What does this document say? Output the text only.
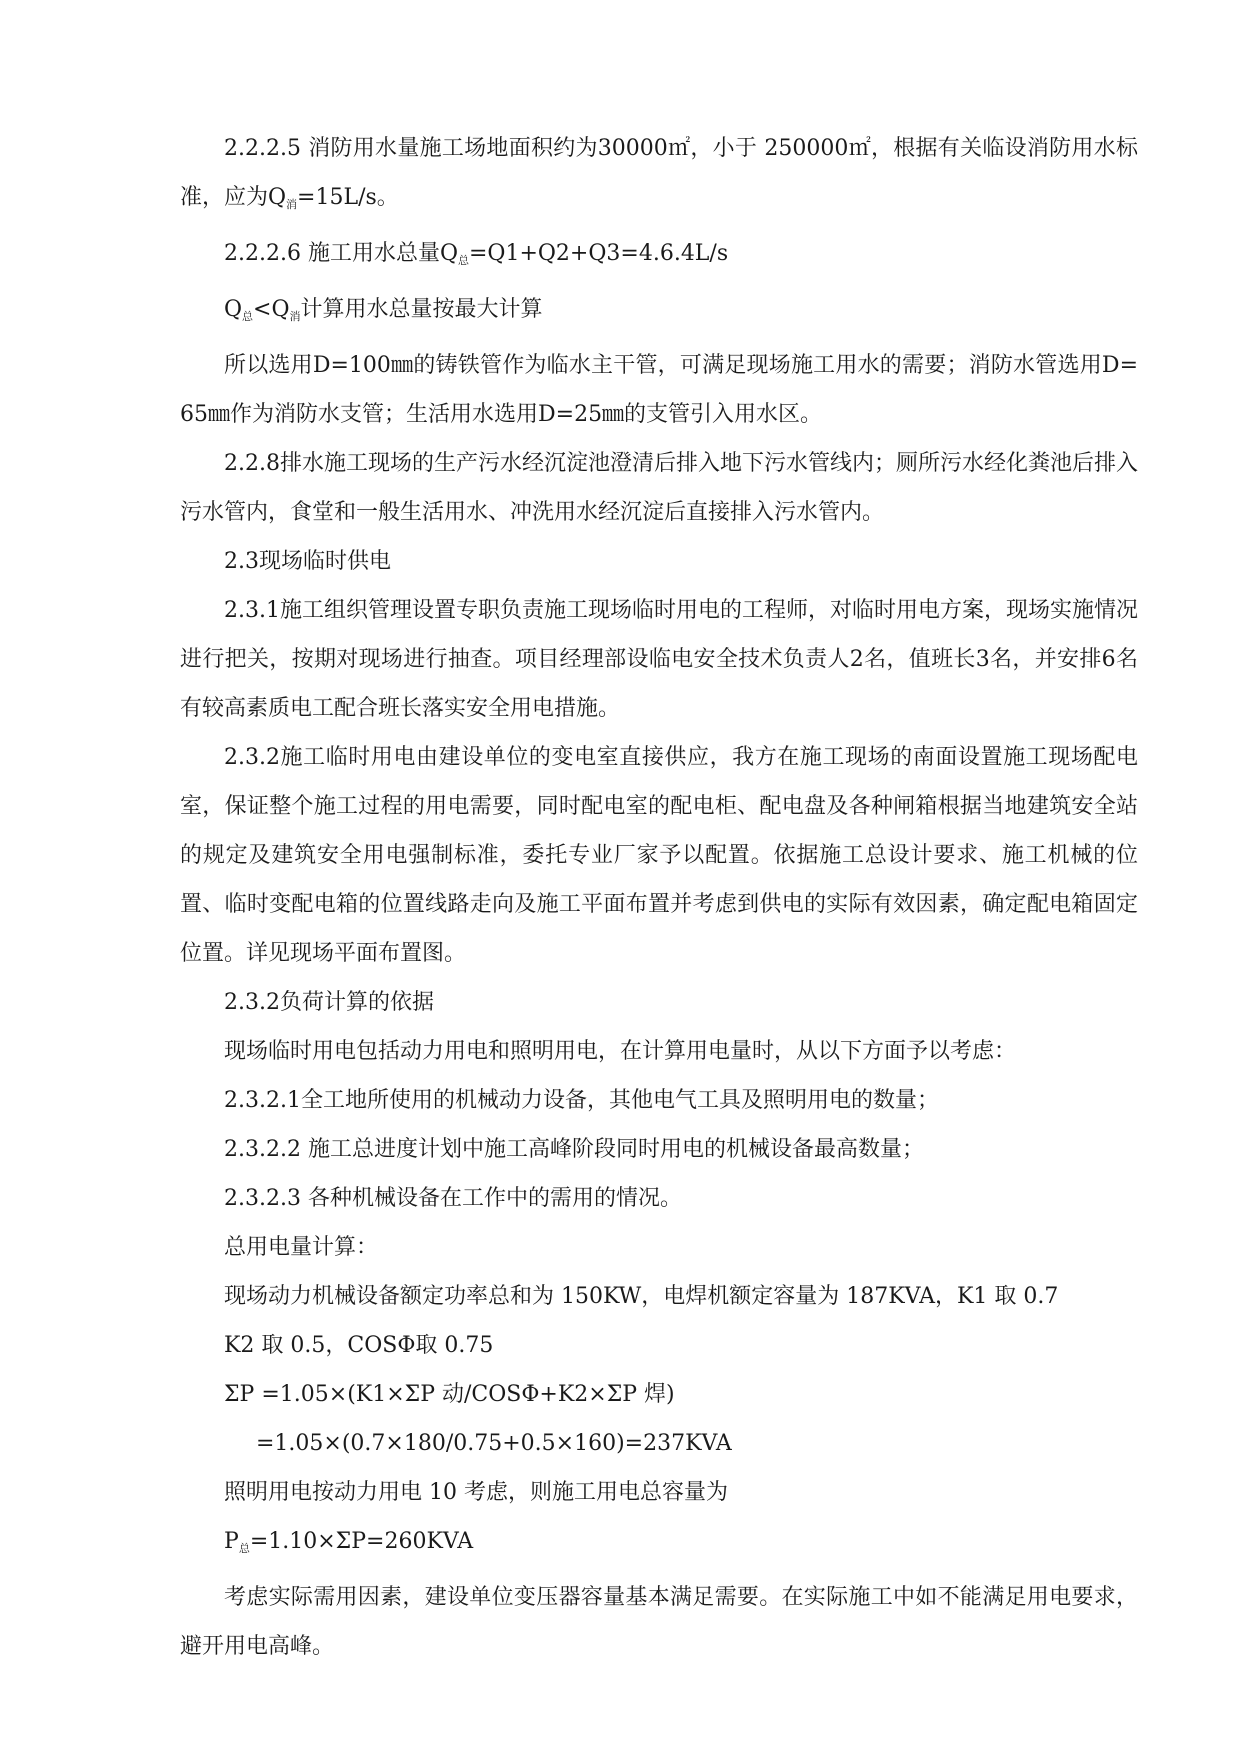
2.2.2.5 消防用水量施工场地面积约为30000㎡，小于 250000㎡，根据有关临设消防用水标准，应为$Q_消=15L/s$。

2.2.2.6 施工用水总量$Q_总=Q1+Q2+Q3=4.6.4L/s$

$Q_总<Q_消$计算用水总量按最大计算

所以选用D=100㎜的铸铁管作为临水主干管，可满足现场施工用水的需要；消防水管选用D=65㎜作为消防水支管；生活用水选用D=25㎜的支管引入用水区。

2.2.8排水施工现场的生产污水经沉淀池澄清后排入地下污水管线内；厕所污水经化粪池后排入污水管内，食堂和一般生活用水、冲洗用水经沉淀后直接排入污水管内。

2.3现场临时供电

2.3.1施工组织管理设置专职负责施工现场临时用电的工程师，对临时用电方案，现场实施情况进行把关，按期对现场进行抽查。项目经理部设临电安全技术负责人2名，值班长3名，并安排6名有较高素质电工配合班长落实安全用电措施。

2.3.2施工临时用电由建设单位的变电室直接供应，我方在施工现场的南面设置施工现场配电室，保证整个施工过程的用电需要，同时配电室的配电柜、配电盘及各种闸箱根据当地建筑安全站的规定及建筑安全用电强制标准，委托专业厂家予以配置。依据施工总设计要求、施工机械的位置、临时变配电箱的位置线路走向及施工平面布置并考虑到供电的实际有效因素，确定配电箱固定位置。详见现场平面布置图。

2.3.2负荷计算的依据

现场临时用电包括动力用电和照明用电，在计算用电量时，从以下方面予以考虑：

2.3.2.1全工地所使用的机械动力设备，其他电气工具及照明用电的数量；

2.3.2.2 施工总进度计划中施工高峰阶段同时用电的机械设备最高数量；

2.3.2.3 各种机械设备在工作中的需用的情况。

总用电量计算：

现场动力机械设备额定功率总和为 150KW，电焊机额定容量为 187KVA，K1 取 0.7

K2 取 0.5，COSΦ取 0.75

ΣP =1.05×(K1×ΣP 动/COSΦ+K2×ΣP 焊)

=1.05×(0.7×180/0.75+0.5×160)=237KVA

照明用电按动力用电 10 考虑，则施工用电总容量为

$P_总=1.10\times\Sigma P=260KVA$

考虑实际需用因素，建设单位变压器容量基本满足需要。在实际施工中如不能满足用电要求，避开用电高峰。
